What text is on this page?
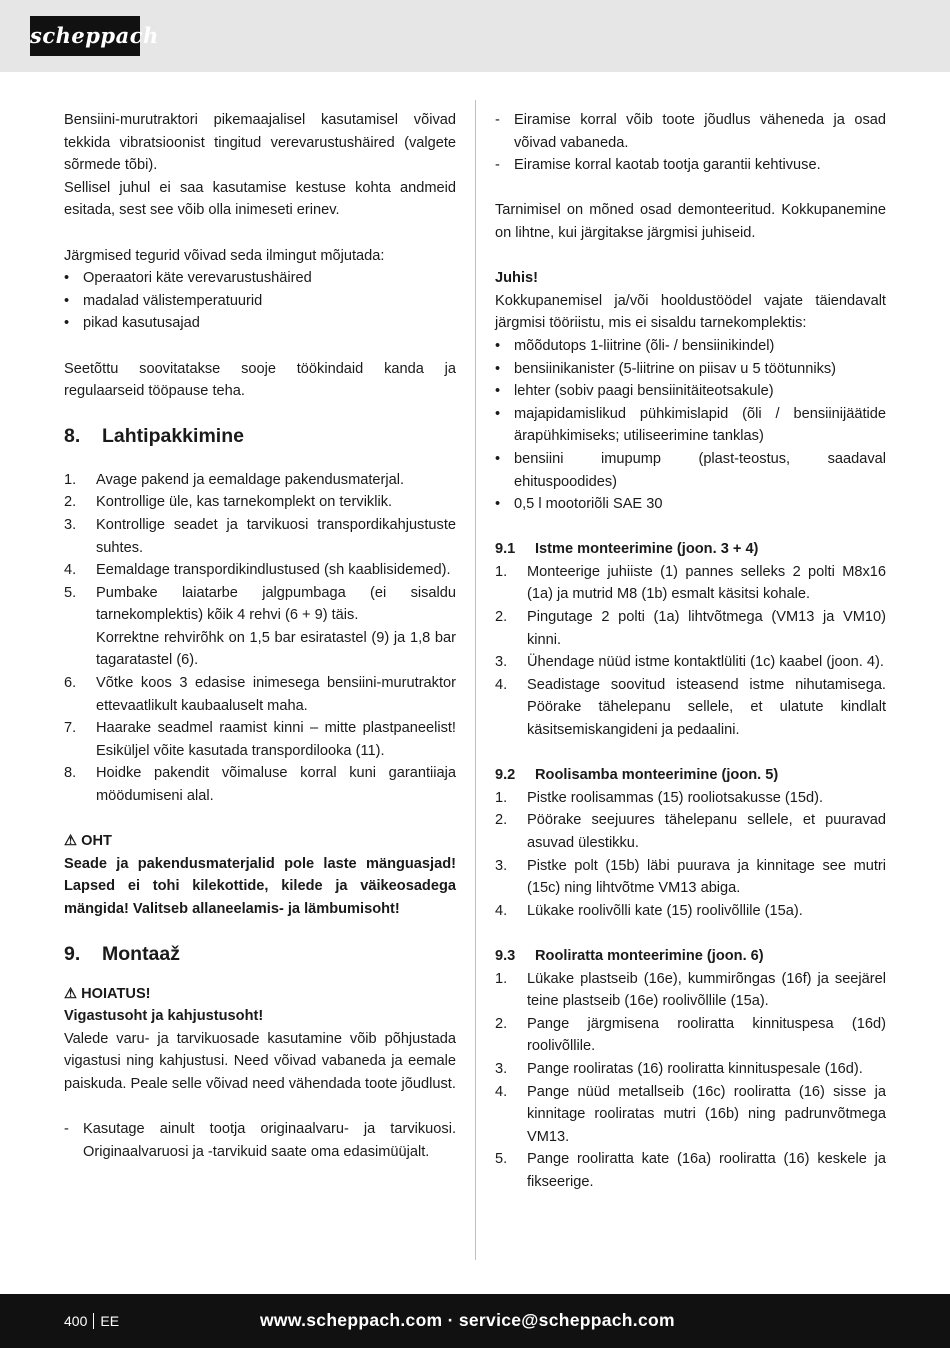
scheppach

Bensiini-murutraktori pikemaajalisel kasutamisel võivad tekkida vibratsioonist tingitud verevarustushäired (valgete sõrmede tõbi).

Sellisel juhul ei saa kasutamise kestuse kohta andmeid esitada, sest see võib olla inimeseti erinev.

Järgmised tegurid võivad seda ilmingut mõjutada:

• Operaatori käte verevarustushäired
• madalad välistemperatuurid
• pikad kasutusajad

Seetõttu soovitatakse sooje töökindaid kanda ja regulaarseid tööpause teha.

8. Lahtipakkimine
1. Avage pakend ja eemaldage pakendusmaterjal.
2. Kontrollige üle, kas tarnekomplekt on terviklik.
3. Kontrollige seadet ja tarvikuosi transpordikahjustuste suhtes.
4. Eemaldage transpordikindlustused (sh kaablisidemed).
5. Pumbake laiatarbe jalgpumbaga (ei sisaldu tarnekomplektis) kõik 4 rehvi (6 + 9) täis.
Korrektne rehvirõhk on 1,5 bar esiratastel (9) ja 1,8 bar tagaratastel (6).
6. Võtke koos 3 edasise inimesega bensiini-murutraktor ettevaatlikult kaubaaluselt maha.
7. Haarake seadmel raamist kinni – mitte plastpaneelist! Esiküljel võite kasutada transpordilooka (11).
8. Hoidke pakendit võimaluse korral kuni garantiiaja möödumiseni alal.

⚠ OHT

Seade ja pakendusmaterjalid pole laste mänguasjad! Lapsed ei tohi kilekottide, kilede ja väikeosadega mängida! Valitseb allaneelamis- ja lämbumisoht!

9. Montaaž

⚠ HOIATUS!

Vigastusoht ja kahjustusoht!

Valede varu- ja tarvikuosade kasutamine võib põhjustada vigastusi ning kahjustusi. Need võivad vabaneda ja eemale paiskuda. Peale selle võivad need vähendada toote jõudlust.

- Kasutage ainult tootja originaalvaru- ja tarvikuosi. Originaalvaruosi ja -tarvikuid saate oma edasimüüjalt.
- Eiramise korral võib toote jõudlus väheneda ja osad võivad vabaneda.
- Eiramise korral kaotab tootja garantii kehtivuse.

Tarnimisel on mõned osad demonteeritud. Kokkupanemine on lihtne, kui järgitakse järgmisi juhiseid.

Juhis!

Kokkupanemisel ja/või hooldustöödel vajate täiendavalt järgmisi tööriistu, mis ei sisaldu tarnekomplektis:

• mõõdutops 1-liitrine (õli- / bensiinikindel)
• bensiinikanister (5-liitrine on piisav u 5 töötunniks)
• lehter (sobiv paagi bensiinitäiteotsakule)
• majapidamislikud pühkimislapid (õli / bensiinijäätide ärapühkimiseks; utiliseerimine tanklas)
• bensiini imupump (plast-teostus, saadaval ehituspoodides)
• 0,5 l mootoriõli SAE 30
9.1 Istme monteerimine (joon. 3 + 4)
1. Monteerige juhiiste (1) pannes selleks 2 polti M8x16 (1a) ja mutrid M8 (1b) esmalt käsitsi kohale.
2. Pingutage 2 polti (1a) lihtvõtmega (VM13 ja VM10) kinni.
3. Ühendage nüüd istme kontaktlüliti (1c) kaabel (joon. 4).
4. Seadistage soovitud isteasend istme nihutamisega. Pöörake tähelepanu sellele, et ulatute kindlalt käsitsemiskangideni ja pedaalini.
9.2 Roolisamba monteerimine (joon. 5)
1. Pistke roolisammas (15) rooliotsakusse (15d).
2. Pöörake seejuures tähelepanu sellele, et puuravad asuvad ülestikku.
3. Pistke polt (15b) läbi puurava ja kinnitage see mutri (15c) ning lihtvõtme VM13 abiga.
4. Lükake roolivõlli kate (15) roolivõllile (15a).
9.3 Rooliratta monteerimine (joon. 6)
1. Lükake plastseib (16e), kummirõngas (16f) ja seejärel teine plastseib (16e) roolivõllile (15a).
2. Pange järgmisena rooliratta kinnituspesa (16d) roolivõllile.
3. Pange rooliratas (16) rooliratta kinnituspesale (16d).
4. Pange nüüd metallseib (16c) rooliratta (16) sisse ja kinnitage rooliratas mutri (16b) ning padrunvõtmega VM13.
5. Pange rooliratta kate (16a) rooliratta (16) keskele ja fikseerige.
400 EE	www.scheppach.com · service@scheppach.com
